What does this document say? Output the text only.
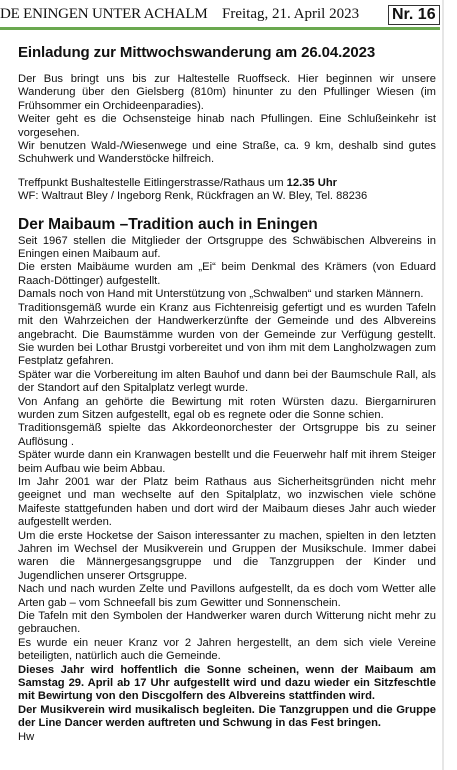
DE ENINGEN UNTER ACHALM Freitag, 21. April 2023 Nr. 16
Einladung zur Mittwochswanderung am 26.04.2023

Der Bus bringt uns bis zur Haltestelle Ruoffseck. Hier beginnen wir unsere Wanderung über den Gielsberg (810m) hinunter zu den Pfullinger Wiesen (im Frühsommer ein Orchideenparadies).

Weiter geht es die Ochsensteige hinab nach Pfullingen. Eine Schlußeinkehr ist vorgesehen.

Wir benutzen Wald-/Wiesenwege und eine Straße, ca. 9 km, deshalb sind gutes Schuhwerk und Wanderstöcke hilfreich.

Treffpunkt Bushaltestelle Eitlingerstrasse/Rathaus um 12.35 Uhr

WF: Waltraut Bley / Ingeborg Renk, Rückfragen an W. Bley, Tel. 88236

Der Maibaum –Tradition auch in Eningen

Seit 1967 stellen die Mitglieder der Ortsgruppe des Schwäbischen Albvereins in Eningen einen Maibaum auf.

Die ersten Maibäume wurden am „Ei“ beim Denkmal des Krämers (von Eduard Raach-Döttinger) aufgestellt.

Damals noch von Hand mit Unterstützung von „Schwalben“ und starken Männern.

Traditionsgemäß wurde ein Kranz aus Fichtenreisig gefertigt und es wurden Tafeln mit den Wahrzeichen der Handwerkerzünfte der Gemeinde und des Albvereins angebracht. Die Baumstämme wurden von der Gemeinde zur Verfügung gestellt. Sie wurden bei Lothar Brustgi vorbereitet und von ihm mit dem Langholzwagen zum Festplatz gefahren.

Später war die Vorbereitung im alten Bauhof und dann bei der Baumschule Rall, als der Standort auf den Spitalplatz verlegt wurde.

Von Anfang an gehörte die Bewirtung mit roten Würsten dazu. Biergarniruren wurden zum Sitzen aufgestellt, egal ob es regnete oder die Sonne schien.

Traditionsgemäß spielte das Akkordeonorchester der Ortsgruppe bis zu seiner Auflösung .

Später wurde dann ein Kranwagen bestellt und die Feuerwehr half mit ihrem Steiger beim Aufbau wie beim Abbau.

Im Jahr 2001 war der Platz beim Rathaus aus Sicherheitsgründen nicht mehr geeignet und man wechselte auf den Spitalplatz, wo inzwischen viele schöne Maifeste stattgefunden haben und dort wird der Maibaum dieses Jahr auch wieder aufgestellt werden.

Um die erste Hocketse der Saison interessanter zu machen, spielten in den letzten Jahren im Wechsel der Musikverein und Gruppen der Musikschule. Immer dabei waren die Männergesangsgruppe und die Tanzgruppen der Kinder und Jugendlichen unserer Ortsgruppe.

Nach und nach wurden Zelte und Pavillons aufgestellt, da es doch vom Wetter alle Arten gab – vom Schneefall bis zum Gewitter und Sonnenschein.

Die Tafeln mit den Symbolen der Handwerker waren durch Witterung nicht mehr zu gebrauchen.

Es wurde ein neuer Kranz vor 2 Jahren hergestellt, an dem sich viele Vereine beteiligten, natürlich auch die Gemeinde.

Dieses Jahr wird hoffentlich die Sonne scheinen, wenn der Maibaum am Samstag 29. April ab 17 Uhr aufgestellt wird und dazu wieder ein Sitzfeschtle mit Bewirtung von den Discgolfern des Albvereins stattfinden wird.

Der Musikverein wird musikalisch begleiten. Die Tanzgruppen und die Gruppe der Line Dancer werden auftreten und Schwung in das Fest bringen.

Hw
